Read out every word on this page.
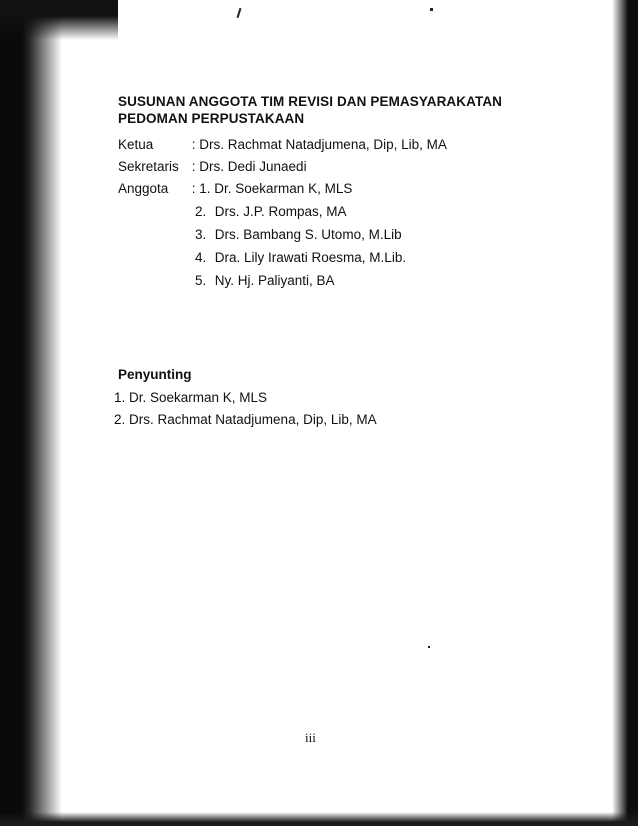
SUSUNAN ANGGOTA TIM REVISI DAN PEMASYARAKATAN
PEDOMAN PERPUSTAKAAN
Ketua	: Drs. Rachmat Natadjumena, Dip, Lib, MA
Sekretaris : Drs. Dedi Junaedi
Anggota : 1. Dr. Soekarman K, MLS
2. Drs. J.P. Rompas, MA
3. Drs. Bambang S. Utomo, M.Lib
4. Dra. Lily Irawati Roesma, M.Lib.
5. Ny. Hj. Paliyanti, BA
Penyunting
1. Dr. Soekarman K, MLS
2. Drs. Rachmat Natadjumena, Dip, Lib, MA
iii
